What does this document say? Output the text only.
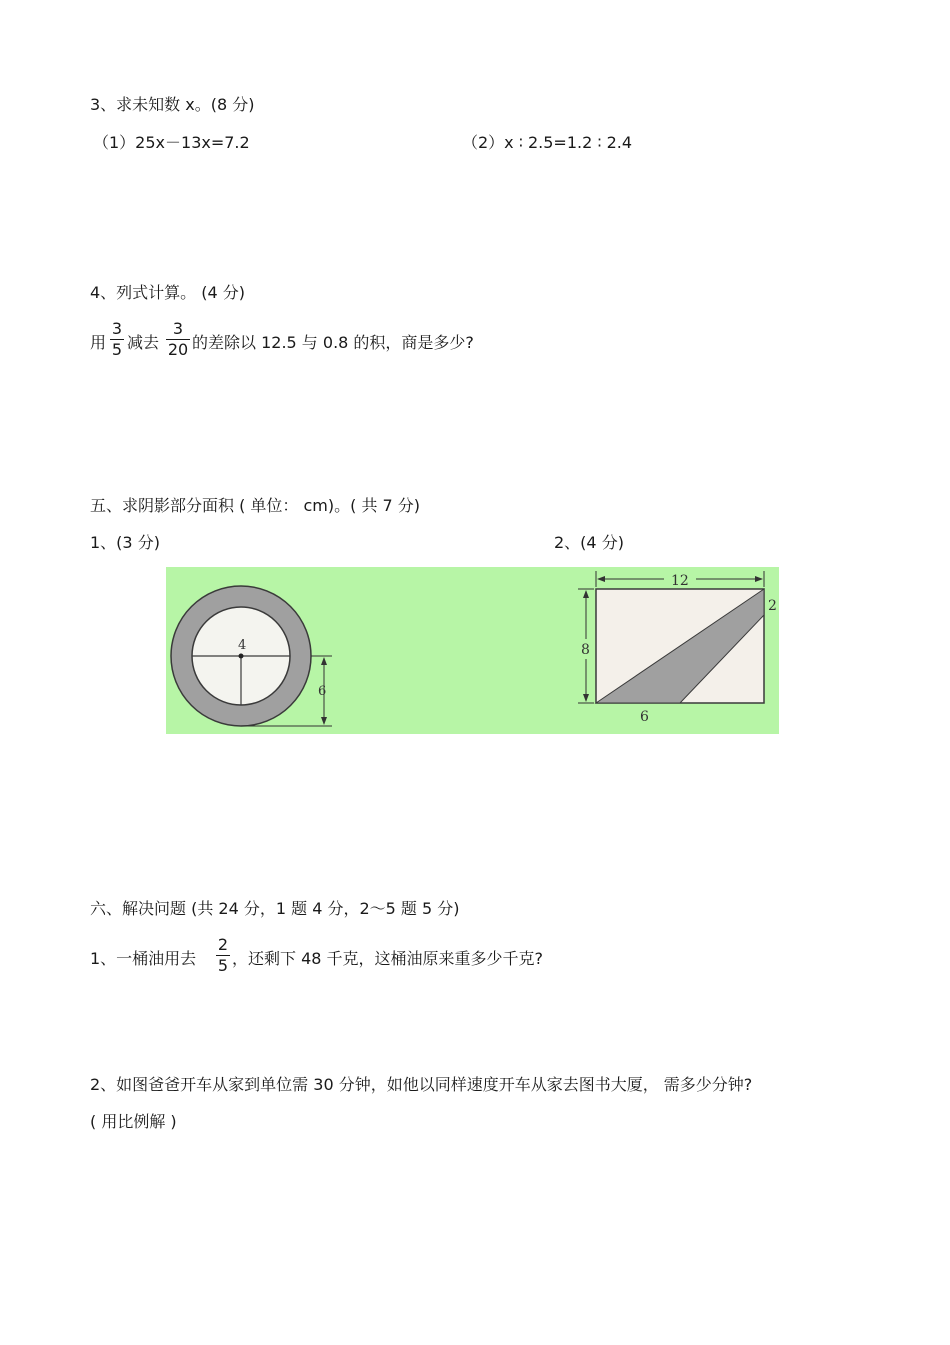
3、求未知数 x。(8 分)
（1）25x－13x=7.2	（2）x ∶ 2.5=1.2 ∶ 2.4
4、列式计算。 (4 分)
用
3
5 减去
3
20 的差除以 12.5 与 0.8 的积，商是多少?
五、求阴影部分面积 ( 单位： cm)。( 共 7 分)
1、(3 分)	2、(4 分)
4
6
12
8
2
6
六、解决问题 (共 24 分，1 题 4 分，2～5 题 5 分)
1、一桶油用去
2
5 ，还剩下 48 千克，这桶油原来重多少千克?
2、如图爸爸开车从家到单位需 30 分钟，如他以同样速度开车从家去图书大厦， 需多少分钟?
( 用比例解 )
